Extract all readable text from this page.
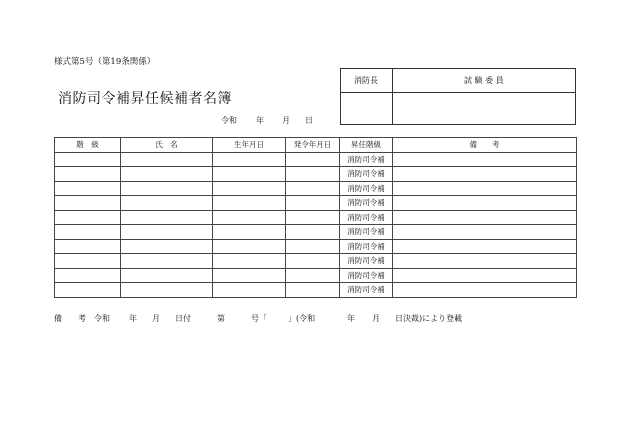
様式第5号（第19条関係）
消防司令補昇任候補者名簿
令和 年 月 日
消防長	試 験 委 員
階　級	氏　名	生年月日	発令年月日	昇任階級	備　　考
				消防司令補	
				消防司令補	
				消防司令補	
				消防司令補	
				消防司令補	
				消防司令補	
				消防司令補	
				消防司令補	
				消防司令補	
				消防司令補	
備　　考 令和 年 月 日付	第	号「	」(令和	年 月 日決裁)により登載
